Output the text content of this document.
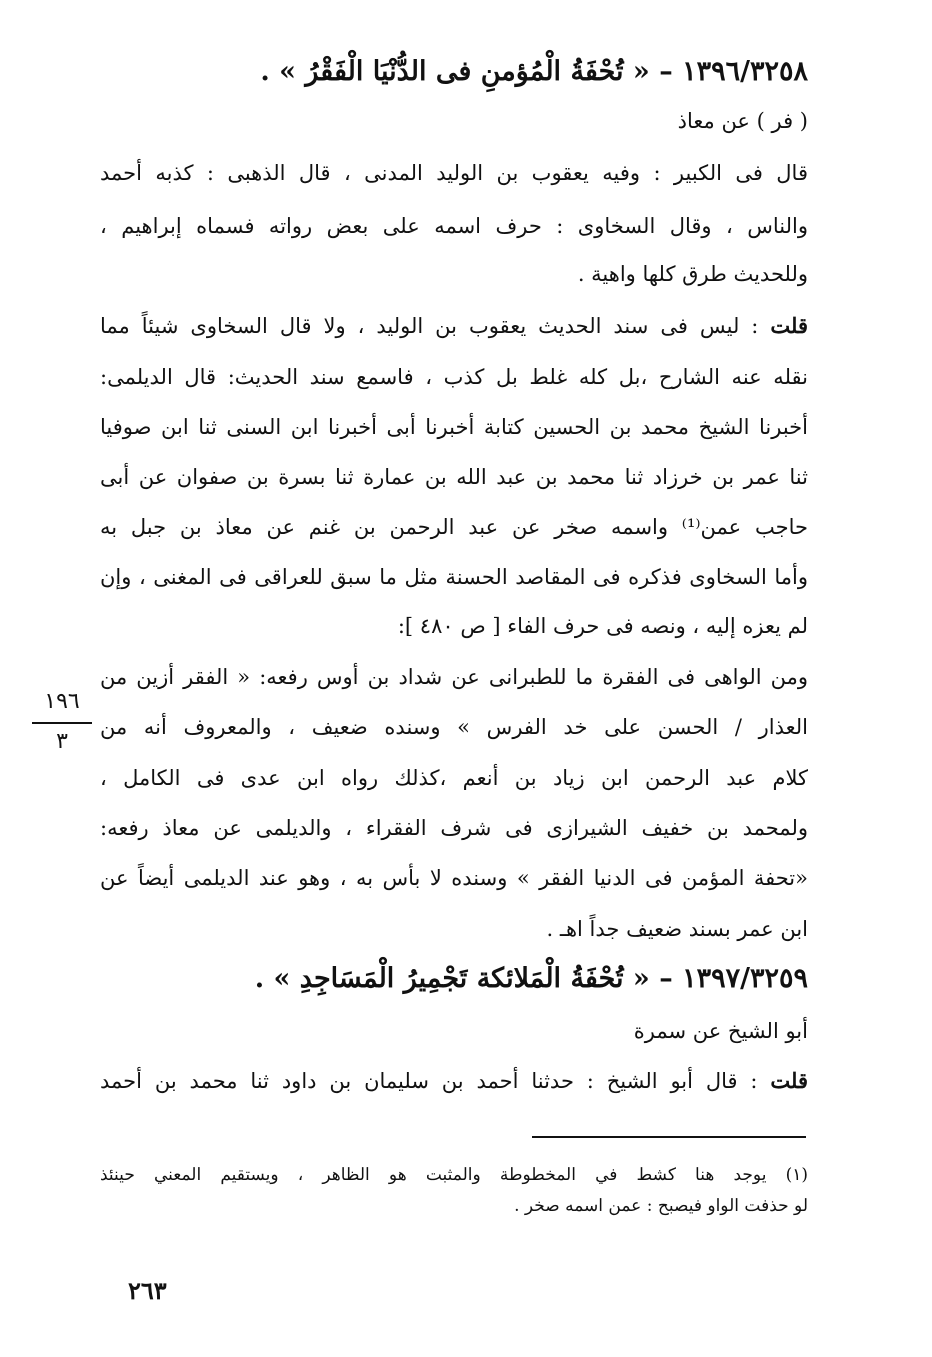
١٣٩٦/٣٢٥٨ – « تُحْفَةُ الْمُؤمنِ فى الدُّنْيَا الْفَقْرُ » .
( فر ) عن معاذ
قال فى الكبير : وفيه يعقوب بن الوليد المدنى ، قال الذهبى : كذبه أحمد
والناس ، وقال السخاوى : حرف اسمه على بعض رواته فسماه إبراهيم ،
وللحديث طرق كلها واهية .
قلت : ليس فى سند الحديث يعقوب بن الوليد ، ولا قال السخاوى شيئاً مما
نقله عنه الشارح ،بل كله غلط بل كذب ، فاسمع سند الحديث: قال الديلمى:
أخبرنا الشيخ محمد بن الحسين كتابة أخبرنا أبى أخبرنا ابن السنى ثنا ابن صوفيا
ثنا عمر بن خرزاد ثنا محمد بن عبد الله بن عمارة ثنا بسرة بن صفوان عن أبى
حاجب عمن⁽¹⁾ واسمه صخر عن عبد الرحمن بن غنم عن معاذ بن جبل به
وأما السخاوى فذكره فى المقاصد الحسنة مثل ما سبق للعراقى فى المغنى ، وإن
لم يعزه إليه ، ونصه فى حرف الفاء [ ص ٤٨٠ ]:
ومن الواهى فى الفقرة ما للطبرانى عن شداد بن أوس رفعه: « الفقر أزين من
العذار / الحسن على خد الفرس » وسنده ضعيف ، والمعروف أنه من
كلام عبد الرحمن ابن زياد بن أنعم ،كذلك رواه ابن عدى فى الكامل ،
ولمحمد بن خفيف الشيرازى فى شرف الفقراء ، والديلمى عن معاذ رفعه:
«تحفة المؤمن فى الدنيا الفقر » وسنده لا بأس به ، وهو عند الديلمى أيضاً عن
ابن عمر بسند ضعيف جداً اهـ .
١٣٩٧/٣٢٥٩ – « تُحْفَةُ الْمَلائكة تَجْمِيرُ الْمَسَاجِدِ » .
أبو الشيخ عن سمرة
قلت : قال أبو الشيخ : حدثنا أحمد بن سليمان بن داود ثنا محمد بن أحمد
١٩٦
٣
(١) يوجد هنا كشط في المخطوطة والمثبت هو الظاهر ، ويستقيم المعني حينئذ
لو حذفت الواو فيصبح : عمن اسمه صخر .
٢٦٣
